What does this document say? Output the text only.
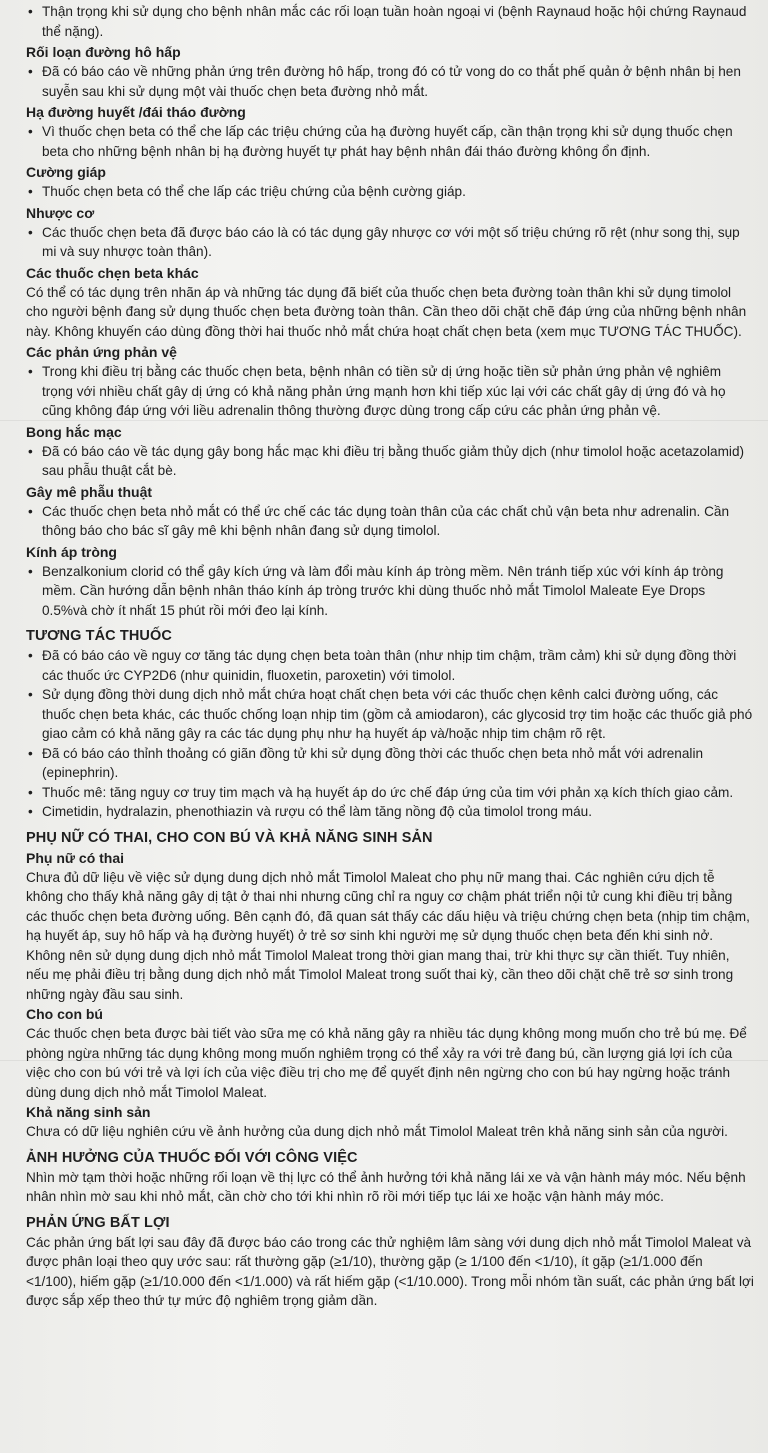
• Thận trọng khi sử dụng cho bệnh nhân mắc các rối loạn tuần hoàn ngoại vi (bệnh Raynaud hoặc hội chứng Raynaud thể nặng).
Rối loạn đường hô hấp
• Đã có báo cáo về những phản ứng trên đường hô hấp, trong đó có tử vong do co thắt phế quản ở bệnh nhân bị hen suyễn sau khi sử dụng một vài thuốc chẹn beta đường nhỏ mắt.
Hạ đường huyết /đái tháo đường
• Vì thuốc chẹn beta có thể che lấp các triệu chứng của hạ đường huyết cấp, cần thận trọng khi sử dụng thuốc chẹn beta cho những bệnh nhân bị hạ đường huyết tự phát hay bệnh nhân đái tháo đường không ổn định.
Cường giáp
• Thuốc chẹn beta có thể che lấp các triệu chứng của bệnh cường giáp.
Nhược cơ
• Các thuốc chẹn beta đã được báo cáo là có tác dụng gây nhược cơ với một số triệu chứng rõ rệt (như song thị, sụp mi và suy nhược toàn thân).
Các thuốc chẹn beta khác

Có thể có tác dụng trên nhãn áp và những tác dụng đã biết của thuốc chẹn beta đường toàn thân khi sử dụng timolol cho người bệnh đang sử dụng thuốc chẹn beta đường toàn thân. Cần theo dõi chặt chẽ đáp ứng của những bệnh nhân này. Không khuyến cáo dùng đồng thời hai thuốc nhỏ mắt chứa hoạt chất chẹn beta (xem mục TƯƠNG TÁC THUỐC).

Các phản ứng phản vệ
• Trong khi điều trị bằng các thuốc chẹn beta, bệnh nhân có tiền sử dị ứng hoặc tiền sử phản ứng phản vệ nghiêm trọng với nhiều chất gây dị ứng có khả năng phản ứng mạnh hơn khi tiếp xúc lại với các chất gây dị ứng đó và họ cũng không đáp ứng với liều adrenalin thông thường được dùng trong cấp cứu các phản ứng phản vệ.
Bong hắc mạc
• Đã có báo cáo về tác dụng gây bong hắc mạc khi điều trị bằng thuốc giảm thủy dịch (như timolol hoặc acetazolamid) sau phẫu thuật cắt bè.
Gây mê phẫu thuật
• Các thuốc chẹn beta nhỏ mắt có thể ức chế các tác dụng toàn thân của các chất chủ vận beta như adrenalin. Cần thông báo cho bác sĩ gây mê khi bệnh nhân đang sử dụng timolol.
Kính áp tròng
• Benzalkonium clorid có thể gây kích ứng và làm đổi màu kính áp tròng mềm. Nên tránh tiếp xúc với kính áp tròng mềm. Cần hướng dẫn bệnh nhân tháo kính áp tròng trước khi dùng thuốc nhỏ mắt Timolol Maleate Eye Drops 0.5%và chờ ít nhất 15 phút rồi mới đeo lại kính.
TƯƠNG TÁC THUỐC
• Đã có báo cáo về nguy cơ tăng tác dụng chẹn beta toàn thân (như nhịp tim chậm, trầm cảm) khi sử dụng đồng thời các thuốc ức CYP2D6 (như quinidin, fluoxetin, paroxetin) với timolol.
• Sử dụng đồng thời dung dịch nhỏ mắt chứa hoạt chất chẹn beta với các thuốc chẹn kênh calci đường uống, các thuốc chẹn beta khác, các thuốc chống loạn nhịp tim (gồm cả amiodaron), các glycosid trợ tim hoặc các thuốc giả phó giao cảm có khả năng gây ra các tác dụng phụ như hạ huyết áp và/hoặc nhịp tim chậm rõ rệt.
• Đã có báo cáo thỉnh thoảng có giãn đồng tử khi sử dụng đồng thời các thuốc chẹn beta nhỏ mắt với adrenalin (epinephrin).
• Thuốc mê: tăng nguy cơ truy tim mạch và hạ huyết áp do ức chế đáp ứng của tim với phản xạ kích thích giao cảm.
• Cimetidin, hydralazin, phenothiazin và rượu có thể làm tăng nồng độ của timolol trong máu.
PHỤ NỮ CÓ THAI, CHO CON BÚ VÀ KHẢ NĂNG SINH SẢN
Phụ nữ có thai

Chưa đủ dữ liệu về việc sử dụng dung dịch nhỏ mắt Timolol Maleat cho phụ nữ mang thai. Các nghiên cứu dịch tễ không cho thấy khả năng gây dị tật ở thai nhi nhưng cũng chỉ ra nguy cơ chậm phát triển nội tử cung khi điều trị bằng các thuốc chẹn beta đường uống. Bên cạnh đó, đã quan sát thấy các dấu hiệu và triệu chứng chẹn beta (nhịp tim chậm, hạ huyết áp, suy hô hấp và hạ đường huyết) ở trẻ sơ sinh khi người mẹ sử dụng thuốc chẹn beta đến khi sinh nở.

Không nên sử dụng dung dịch nhỏ mắt Timolol Maleat trong thời gian mang thai, trừ khi thực sự cần thiết. Tuy nhiên, nếu mẹ phải điều trị bằng dung dịch nhỏ mắt Timolol Maleat trong suốt thai kỳ, cần theo dõi chặt chẽ trẻ sơ sinh trong những ngày đầu sau sinh.

Cho con bú

Các thuốc chẹn beta được bài tiết vào sữa mẹ có khả năng gây ra nhiều tác dụng không mong muốn cho trẻ bú mẹ. Để phòng ngừa những tác dụng không mong muốn nghiêm trọng có thể xảy ra với trẻ đang bú, cần lượng giá lợi ích của việc cho con bú với trẻ và lợi ích của việc điều trị cho mẹ để quyết định nên ngừng cho con bú hay ngừng hoặc tránh dùng dung dịch nhỏ mắt Timolol Maleat.

Khả năng sinh sản

Chưa có dữ liệu nghiên cứu về ảnh hưởng của dung dịch nhỏ mắt Timolol Maleat trên khả năng sinh sản của người.

ẢNH HƯỞNG CỦA THUỐC ĐỐI VỚI CÔNG VIỆC

Nhìn mờ tạm thời hoặc những rối loạn về thị lực có thể ảnh hưởng tới khả năng lái xe và vận hành máy móc. Nếu bệnh nhân nhìn mờ sau khi nhỏ mắt, cần chờ cho tới khi nhìn rõ rồi mới tiếp tục lái xe hoặc vận hành máy móc.

PHẢN ỨNG BẤT LỢI

Các phản ứng bất lợi sau đây đã được báo cáo trong các thử nghiệm lâm sàng với dung dịch nhỏ mắt Timolol Maleat và được phân loại theo quy ước sau: rất thường gặp (≥1/10), thường gặp (≥ 1/100 đến <1/10), ít gặp (≥1/1.000 đến <1/100), hiếm gặp (≥1/10.000 đến <1/1.000) và rất hiếm gặp (<1/10.000). Trong mỗi nhóm tần suất, các phản ứng bất lợi được sắp xếp theo thứ tự mức độ nghiêm trọng giảm dần.
